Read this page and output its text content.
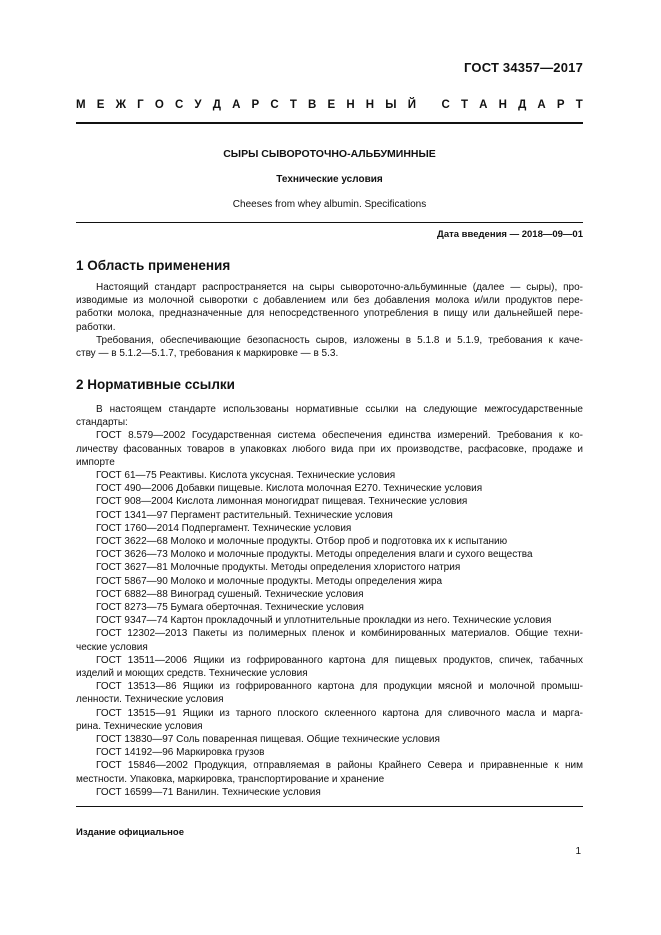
ГОСТ 34357—2017
М Е Ж Г О С У Д А Р С Т В Е Н Н Ы Й
С Т А Н Д А Р Т
СЫРЫ СЫВОРОТОЧНО-АЛЬБУМИННЫЕ
Технические условия
Cheeses from whey albumin. Specifications
Дата введения — 2018—09—01
1 Область применения
Настоящий стандарт распространяется на сыры сывороточно-альбуминные (далее — сыры), про-
изводимые из молочной сыворотки с добавлением или без добавления молока и/или продуктов пере-
работки молока, предназначенные для непосредственного употребления в пищу или дальнейшей пере-
работки.
Требования, обеспечивающие безопасность сыров, изложены в 5.1.8 и 5.1.9, требования к каче-
ству — в 5.1.2—5.1.7, требования к маркировке — в 5.3.
2 Нормативные ссылки
В настоящем стандарте использованы нормативные ссылки на следующие межгосударственные
стандарты:
ГОСТ 8.579—2002 Государственная система обеспечения единства измерений. Требования к ко-
личеству фасованных товаров в упаковках любого вида при их производстве, расфасовке, продаже и
импорте
ГОСТ 61—75 Реактивы. Кислота уксусная. Технические условия
ГОСТ 490—2006 Добавки пищевые. Кислота молочная Е270. Технические условия
ГОСТ 908—2004 Кислота лимонная моногидрат пищевая. Технические условия
ГОСТ 1341—97 Пергамент растительный. Технические условия
ГОСТ 1760—2014 Подпергамент. Технические условия
ГОСТ 3622—68 Молоко и молочные продукты. Отбор проб и подготовка их к испытанию
ГОСТ 3626—73 Молоко и молочные продукты. Методы определения влаги и сухого вещества
ГОСТ 3627—81 Молочные продукты. Методы определения хлористого натрия
ГОСТ 5867—90 Молоко и молочные продукты. Методы определения жира
ГОСТ 6882—88 Виноград сушеный. Технические условия
ГОСТ 8273—75 Бумага оберточная. Технические условия
ГОСТ 9347—74 Картон прокладочный и уплотнительные прокладки из него. Технические условия
ГОСТ 12302—2013 Пакеты из полимерных пленок и комбинированных материалов. Общие техни-
ческие условия
ГОСТ 13511—2006 Ящики из гофрированного картона для пищевых продуктов, спичек, табачных
изделий и моющих средств. Технические условия
ГОСТ 13513—86 Ящики из гофрированного картона для продукции мясной и молочной промыш-
ленности. Технические условия
ГОСТ 13515—91 Ящики из тарного плоского склеенного картона для сливочного масла и марга-
рина. Технические условия
ГОСТ 13830—97 Соль поваренная пищевая. Общие технические условия
ГОСТ 14192—96 Маркировка грузов
ГОСТ 15846—2002 Продукция, отправляемая в районы Крайнего Севера и приравненные к ним
местности. Упаковка, маркировка, транспортирование и хранение
ГОСТ 16599—71 Ванилин. Технические условия
Издание официальное
1
